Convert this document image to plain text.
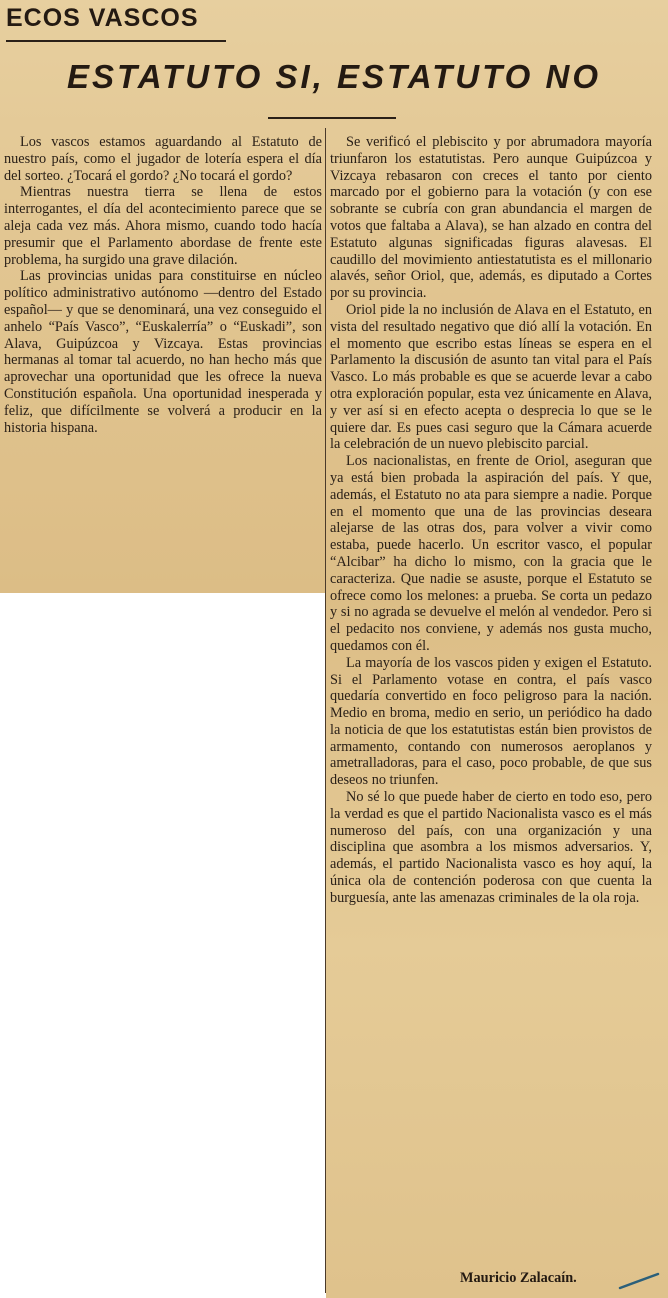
ECOS VASCOS
ESTATUTO SI, ESTATUTO NO

Los vascos estamos aguardando al Estatuto de nuestro país, como el jugador de lotería espera el día del sorteo. ¿Tocará el gordo? ¿No tocará el gordo?

Mientras nuestra tierra se llena de estos interrogantes, el día del acontecimiento parece que se aleja cada vez más. Ahora mismo, cuando todo hacía presumir que el Parlamento abordase de frente este problema, ha surgido una grave dilación.

Las provincias unidas para constituirse en núcleo político administrativo autónomo —dentro del Estado español— y que se denominará, una vez conseguido el anhelo “País Vasco”, “Euskalerría” o “Euskadi”, son Alava, Guipúzcoa y Vizcaya. Estas provincias hermanas al tomar tal acuerdo, no han hecho más que aprovechar una oportunidad que les ofrece la nueva Constitución española. Una oportunidad inesperada y feliz, que difícilmente se volverá a producir en la historia hispana.

Se verificó el plebiscito y por abrumadora mayoría triunfaron los estatutistas. Pero aunque Guipúzcoa y Vizcaya rebasaron con creces el tanto por ciento marcado por el gobierno para la votación (y con ese sobrante se cubría con gran abundancia el margen de votos que faltaba a Alava), se han alzado en contra del Estatuto algunas significadas figuras alavesas. El caudillo del movimiento antiestatutista es el millonario alavés, señor Oriol, que, además, es diputado a Cortes por su provincia.

Oriol pide la no inclusión de Alava en el Estatuto, en vista del resultado negativo que dió allí la votación. En el momento que escribo estas líneas se espera en el Parlamento la discusión de asunto tan vital para el País Vasco. Lo más probable es que se acuerde levar a cabo otra exploración popular, esta vez únicamente en Alava, y ver así si en efecto acepta o desprecia lo que se le quiere dar. Es pues casi seguro que la Cámara acuerde la celebración de un nuevo plebiscito parcial.

Los nacionalistas, en frente de Oriol, aseguran que ya está bien probada la aspiración del país. Y que, además, el Estatuto no ata para siempre a nadie. Porque en el momento que una de las provincias deseara alejarse de las otras dos, para volver a vivir como estaba, puede hacerlo. Un escritor vasco, el popular “Alcibar” ha dicho lo mismo, con la gracia que le caracteriza. Que nadie se asuste, porque el Estatuto se ofrece como los melones: a prueba. Se corta un pedazo y si no agrada se devuelve el melón al vendedor. Pero si el pedacito nos conviene, y además nos gusta mucho, quedamos con él.

La mayoría de los vascos piden y exigen el Estatuto. Si el Parlamento votase en contra, el país vasco quedaría convertido en foco peligroso para la nación. Medio en broma, medio en serio, un periódico ha dado la noticia de que los estatutistas están bien provistos de armamento, contando con numerosos aeroplanos y ametralladoras, para el caso, poco probable, de que sus deseos no triunfen.

No sé lo que puede haber de cierto en todo eso, pero la verdad es que el partido Nacionalista vasco es el más numeroso del país, con una organización y una disciplina que asombra a los mismos adversarios. Y, además, el partido Nacionalista vasco es hoy aquí, la única ola de contención poderosa con que cuenta la burguesía, ante las amenazas criminales de la ola roja.

Mauricio Zalacaín.
